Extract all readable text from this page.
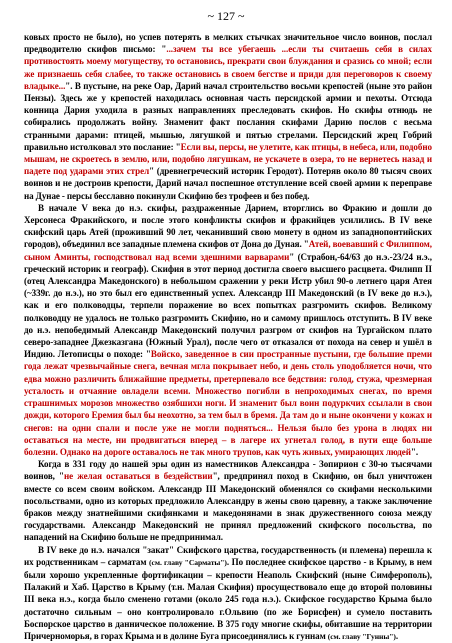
~ 127 ~

ковых просто не было), но успев потерять в мелких стычках значительное число воинов, послал предводителю скифов письмо: "...зачем ты все убегаешь ...если ты считаешь себя в силах противостоять моему могуществу, то остановись, прекрати свои блуждания и сразись со мной; если же признаешь себя слабее, то также остановись в своем бегстве и приди для переговоров к своему владыке...". В пустыне, на реке Оар, Дарий начал строительство восьми крепостей (ныне это район Пензы). Здесь же у крепостей находилась основная часть персидской армии и пехоты. Отсюда конница Дария уходила в разных направлениях преследовать скифов. Но скифы отнюдь не собирались продолжать войну. Знаменит факт послания скифами Дарию послов с весьма странными дарами: птицей, мышью, лягушкой и пятью стрелами. Персидский жрец Гобрий правильно истолковал это послание: "Если вы, персы, не улетите, как птицы, в небеса, или, подобно мышам, не скроетесь в землю, или, подобно лягушкам, не ускачете в озера, то не вернетесь назад и падете под ударами этих стрел" (древнегреческий историк Геродот). Потеряв около 80 тысяч своих воинов и не достроив крепости, Дарий начал поспешное отступление всей своей армии к переправе на Дунае - персы бесславно покинули Скифию без трофеев и без побед.

В начале V века до н.э. скифы, раздраженные Дарием, вторглись во Фракию и дошли до Херсонеса Фракийского, и после этого конфликты скифов и фракийцев усилились. В IV веке скифский царь Атей (проживший 90 лет, чеканивший свою монету в одном из западнопонтийских городов), объединил все западные племена скифов от Дона до Дуная. "Атей, воевавший с Филиппом, сыном Аминты, господствовал над всеми здешними варварами" (Страбон,-64/63 до н.э.-23/24 н.э., греческий историк и географ). Скифия в этот период достигла своего высшего расцвета. Филипп II (отец Александра Македонского) в небольшом сражении у реки Истр убил 90-о летнего царя Атея (~339г. до н.э.), но это был его единственный успех. Александр III Македонский (в IV веке до н.э.), как и его полководцы, терпели поражение во всех попытках разгромить скифов. Великому полководцу не удалось не только разгромить Скифию, но и самому пришлось отступить. В IV веке до н.э. непобедимый Александр Македонский получил разгром от скифов на Тургайском плато северо-западнее Джезказгана (Южный Урал), после чего от отказался от похода на север и ушёл в Индию. Летописцы о походе: "Войско, заведенное в сии пространные пустыни, где большие преми года лежат чрезвычайные снега, вечная мгла покрывает небо, и день столь уподобляется ночи, что едва можно различить ближайшие предметы, претерпевало все бедствия: голод, стужа, чрезмерная усталость и отчаяние овладели всеми. Множество погибли в непроходимых снегах, по время страшнимых морозов множество озябшихи ноги. И знаменит был воин подуркчих ссылали в свои дожди, которого Еремия был бы неохотно, за тем был в бремя. Да там до и ныне окончени у кожах и снегов: на одни спали и после уже не могли подняться... Нельзя было без урона в людях ни оставаться на месте, ни продвигаться вперед – в лагере их угнетал голод, в пути еще больше болезни. Однако на дороге оставалось не так много трупов, как чуть живых, умирающих людей".

Когда в 331 году до нашей эры один из наместников Александра - Зопирион с 30-ю тысячами воинов, "не желая оставаться в бездействии", предпринял поход в Скифию, он был уничтожен вместе со всем своим войском. Александр III Македонский обменялся со скифами несколькими посольствами, одно из которых предложило Александру в жены свою царевну, а также заключение браков между знатнейшими скифянками и македонянами в знак дружественного союза между государствами. Александр Македонский не принял предложений скифского посольства, по нападений на Скифию больше не предпринимал.

В IV веке до н.э. начался "закат" Скифского царства, государственность (и племена) перешла к их родственникам – сарматам (см. главу "Сарматы"). По последнее скифское царство - в Крыму, в нем были хорошо укрепленные фортификации – крепости Неаполь Скифский (ныне Симферополь), Палакий и Хаб. Царство в Крыму (т.н. Малая Скифия) просуществовало еще до второй половины III века н.э., когда было сменено готами (около 245 года н.э.). Скифское государство Крыма было достаточно сильным – оно контролировало г.Ольвию (по же Борисфен) и сумело поставить Боспорское царство в данническое положение. В 375 году многие скифы, обитавшие на территории Причерноморья, в горах Крыма и в долине Буга присоединялись к гуннам (см. главу "Гунны").
